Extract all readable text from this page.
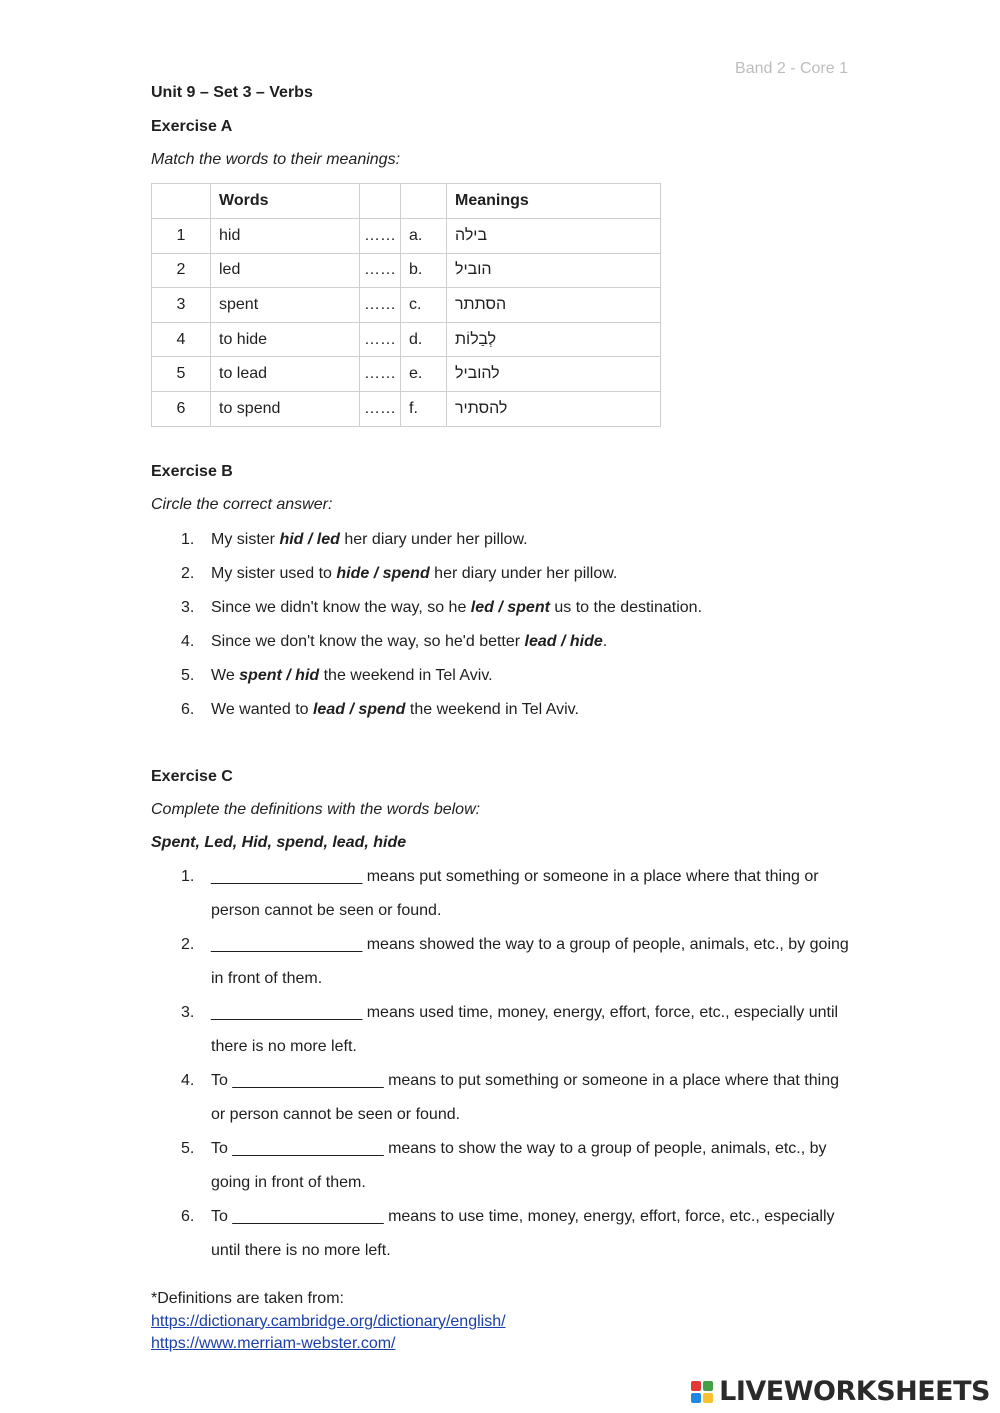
Band 2 - Core 1
Unit 9 – Set 3 – Verbs
Exercise A
Match the words to their meanings:
	Words			Meanings
1	hid	……	a.	בילה
2	led	……	b.	הוביל
3	spent	……	c.	הסתתר
4	to hide	……	d.	לְבַלוֹת
5	to lead	……	e.	להוביל
6	to spend	……	f.	להסתיר
Exercise B
Circle the correct answer:
1.	My sister hid / led her diary under her pillow.
2.	My sister used to hide / spend her diary under her pillow.
3.	Since we didn't know the way, so he led / spent us to the destination.
4.	Since we don't know the way, so he'd better lead / hide.
5.	We spent / hid the weekend in Tel Aviv.
6.	We wanted to lead / spend the weekend in Tel Aviv.
Exercise C
Complete the definitions with the words below:
Spent, Led, Hid, spend, lead, hide
1.	_________________ means put something or someone in a place where that thing or person cannot be seen or found.
2.	_________________ means showed the way to a group of people, animals, etc., by going in front of them.
3.	_________________ means used time, money, energy, effort, force, etc., especially until there is no more left.
4.	To _________________ means to put something or someone in a place where that thing or person cannot be seen or found.
5.	To _________________ means to show the way to a group of people, animals, etc., by going in front of them.
6.	To _________________ means to use time, money, energy, effort, force, etc., especially until there is no more left.
*Definitions are taken from:
https://dictionary.cambridge.org/dictionary/english/
https://www.merriam-webster.com/
LIVEWORKSHEETS
